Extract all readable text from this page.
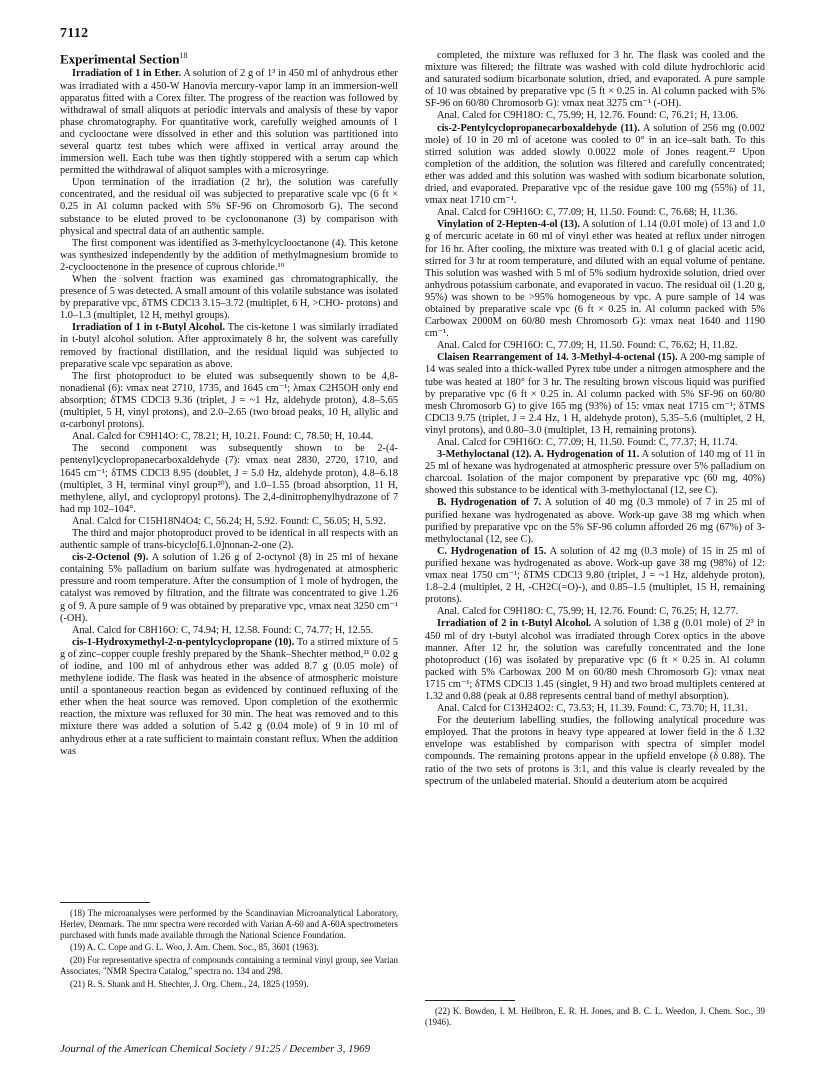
7112
Experimental Section$^{18}$

Irradiation of 1 in Ether. A solution of 2 g of 1³ in 450 ml of anhydrous ether was irradiated with a 450-W Hanovia mercury-vapor lamp in an immersion-well apparatus fitted with a Corex filter. The progress of the reaction was followed by withdrawal of small aliquots at periodic intervals and analysis of these by vapor phase chromatography. For quantitative work, carefully weighed amounts of 1 and cyclooctane were dissolved in ether and this solution was partitioned into several quartz test tubes which were affixed in vertical array around the immersion well. Each tube was then tightly stoppered with a serum cap which permitted the withdrawal of aliquot samples with a microsyringe.

Upon termination of the irradiation (2 hr), the solution was carefully concentrated, and the residual oil was subjected to preparative scale vpc (6 ft × 0.25 in Al column packed with 5% SF-96 on Chromosorb G). The second substance to be eluted proved to be cyclononanone (3) by comparison with physical and spectral data of an authentic sample.

The first component was identified as 3-methylcyclooctanone (4). This ketone was synthesized independently by the addition of methylmagnesium bromide to 2-cyclooctenone in the presence of cuprous chloride.¹⁹

When the solvent fraction was examined gas chromatographically, the presence of 5 was detected. A small amount of this volatile substance was isolated by preparative vpc, δTMS CDCl3 3.15–3.72 (multiplet, 6 H, >CHO- protons) and 1.0–1.3 (multiplet, 12 H, methyl groups).

Irradiation of 1 in t-Butyl Alcohol. The cis-ketone 1 was similarly irradiated in t-butyl alcohol solution. After approximately 8 hr, the solvent was carefully removed by fractional distillation, and the residual liquid was subjected to preparative scale vpc separation as above.

The first photoproduct to be eluted was subsequently shown to be 4,8-nonadienal (6): νmax neat 2710, 1735, and 1645 cm⁻¹; λmax C2H5OH only end absorption; δTMS CDCl3 9.36 (triplet, J = ~1 Hz, aldehyde proton), 4.8–5.65 (multiplet, 5 H, vinyl protons), and 2.0–2.65 (two broad peaks, 10 H, allylic and α-carbonyl protons).

Anal. Calcd for C9H14O: C, 78.21; H, 10.21. Found: C, 78.50; H, 10.44.

The second component was subsequently shown to be 2-(4-pentenyl)cyclopropanecarboxaldehyde (7): νmax neat 2830, 2720, 1710, and 1645 cm⁻¹; δTMS CDCl3 8.95 (doublet, J = 5.0 Hz, aldehyde proton), 4.8–6.18 (multiplet, 3 H, terminal vinyl group²⁰), and 1.0–1.55 (broad absorption, 11 H, methylene, allyl, and cyclopropyl protons). The 2,4-dinitrophenylhydrazone of 7 had mp 102–104°.

Anal. Calcd for C15H18N4O4: C, 56.24; H, 5.92. Found: C, 56.05; H, 5.92.

The third and major photoproduct proved to be identical in all respects with an authentic sample of trans-bicyclo[6.1.0]nonan-2-one (2).

cis-2-Octenol (9). A solution of 1.26 g of 2-octynol (8) in 25 ml of hexane containing 5% palladium on barium sulfate was hydrogenated at atmospheric pressure and room temperature. After the consumption of 1 mole of hydrogen, the catalyst was removed by filtration, and the filtrate was concentrated to give 1.26 g of 9. A pure sample of 9 was obtained by preparative vpc, νmax neat 3250 cm⁻¹ (-OH).

Anal. Calcd for C8H16O: C, 74.94; H, 12.58. Found: C, 74.77; H, 12.55.

cis-1-Hydroxymethyl-2-n-pentylcyclopropane (10). To a stirred mixture of 5 g of zinc–copper couple freshly prepared by the Shank–Shechter method,²¹ 0.02 g of iodine, and 100 ml of anhydrous ether was added 8.7 g (0.05 mole) of methylene iodide. The flask was heated in the absence of atmospheric moisture until a spontaneous reaction began as evidenced by continued refluxing of the ether when the heat source was removed. Upon completion of the exothermic reaction, the mixture was refluxed for 30 min. The heat was removed and to this mixture there was added a solution of 5.42 g (0.04 mole) of 9 in 10 ml of anhydrous ether at a rate sufficient to maintain constant reflux. When the addition was

completed, the mixture was refluxed for 3 hr. The flask was cooled and the mixture was filtered; the filtrate was washed with cold dilute hydrochloric acid and saturated sodium bicarbonate solution, dried, and evaporated. A pure sample of 10 was obtained by preparative vpc (5 ft × 0.25 in. Al column packed with 5% SF-96 on 60/80 Chromosorb G): νmax neat 3275 cm⁻¹ (-OH).

Anal. Calcd for C9H18O: C, 75.99; H, 12.76. Found: C, 76.21; H, 13.06.

cis-2-Pentylcyclopropanecarboxaldehyde (11). A solution of 256 mg (0.002 mole) of 10 in 20 ml of acetone was cooled to 0° in an ice–salt bath. To this stirred solution was added slowly 0.0022 mole of Jones reagent.²² Upon completion of the addition, the solution was filtered and carefully concentrated; ether was added and this solution was washed with sodium bicarbonate solution, dried, and evaporated. Preparative vpc of the residue gave 100 mg (55%) of 11, νmax neat 1710 cm⁻¹.

Anal. Calcd for C9H16O: C, 77.09; H, 11.50. Found: C, 76.68; H, 11.36.

Vinylation of 2-Hepten-4-ol (13). A solution of 1.14 (0.01 mole) of 13 and 1.0 g of mercuric acetate in 60 ml of vinyl ether was heated at reflux under nitrogen for 16 hr. After cooling, the mixture was treated with 0.1 g of glacial acetic acid, stirred for 3 hr at room temperature, and diluted with an equal volume of pentane. This solution was washed with 5 ml of 5% sodium hydroxide solution, dried over anhydrous potassium carbonate, and evaporated in vacuo. The residual oil (1.20 g, 95%) was shown to be >95% homogeneous by vpc. A pure sample of 14 was obtained by preparative scale vpc (6 ft × 0.25 in. Al column packed with 5% Carbowax 2000M on 60/80 mesh Chromosorb G): νmax neat 1640 and 1190 cm⁻¹.

Anal. Calcd for C9H16O: C, 77.09; H, 11.50. Found: C, 76.62; H, 11.82.

Claisen Rearrangement of 14. 3-Methyl-4-octenal (15). A 200-mg sample of 14 was sealed into a thick-walled Pyrex tube under a nitrogen atmosphere and the tube was heated at 180° for 3 hr. The resulting brown viscous liquid was purified by preparative vpc (6 ft × 0.25 in. Al column packed with 5% SF-96 on 60/80 mesh Chromosorb G) to give 165 mg (93%) of 15: νmax neat 1715 cm⁻¹; δTMS CDCl3 9.75 (triplet, J = 2.4 Hz, 1 H, aldehyde proton), 5.35–5.6 (multiplet, 2 H, vinyl protons), and 0.80–3.0 (multiplet, 13 H, remaining protons).

Anal. Calcd for C9H16O: C, 77.09; H, 11.50. Found: C, 77.37; H, 11.74.

3-Methyloctanal (12). A. Hydrogenation of 11. A solution of 140 mg of 11 in 25 ml of hexane was hydrogenated at atmospheric pressure over 5% palladium on charcoal. Isolation of the major component by preparative vpc (60 mg, 40%) showed this substance to be identical with 3-methyloctanal (12, see C).

B. Hydrogenation of 7. A solution of 40 mg (0.3 mmole) of 7 in 25 ml of purified hexane was hydrogenated as above. Work-up gave 38 mg which when purified by preparative vpc on the 5% SF-96 column afforded 26 mg (67%) of 3-methyloctanal (12, see C).

C. Hydrogenation of 15. A solution of 42 mg (0.3 mole) of 15 in 25 ml of purified hexane was hydrogenated as above. Work-up gave 38 mg (98%) of 12: νmax neat 1750 cm⁻¹; δTMS CDCl3 9.80 (triplet, J = ~1 Hz, aldehyde proton), 1.8–2.4 (multiplet, 2 H, -CH2C(=O)-), and 0.85–1.5 (multiplet, 15 H, remaining protons).

Anal. Calcd for C9H18O: C, 75.99; H, 12.76. Found: C, 76.25; H, 12.77.

Irradiation of 2 in t-Butyl Alcohol. A solution of 1.38 g (0.01 mole) of 2³ in 450 ml of dry t-butyl alcohol was irradiated through Corex optics in the above manner. After 12 hr, the solution was carefully concentrated and the lone photoproduct (16) was isolated by preparative vpc (6 ft × 0.25 in. Al column packed with 5% Carbowax 200 M on 60/80 mesh Chromosorb G): νmax neat 1715 cm⁻¹; δTMS CDCl3 1.45 (singlet, 9 H) and two broad multiplets centered at 1.32 and 0.88 (peak at 0.88 represents central band of methyl absorption).

Anal. Calcd for C13H24O2: C, 73.53; H, 11.39. Found: C, 73.70; H, 11.31.

For the deuterium labelling studies, the following analytical procedure was employed. That the protons in heavy type appeared at lower field in the δ 1.32 envelope was established by comparison with spectra of simpler model compounds. The remaining protons appear in the upfield envelope (δ 0.88). The ratio of the two sets of protons is 3:1, and this value is clearly revealed by the spectrum of the unlabeled material. Should a deuterium atom be acquired

(18) The microanalyses were performed by the Scandinavian Microanalytical Laboratory, Herlev, Denmark. The nmr spectra were recorded with Varian A-60 and A-60A spectrometers purchased with funds made available through the National Science Foundation.

(19) A. C. Cope and G. L. Woo, J. Am. Chem. Soc., 85, 3601 (1963).

(20) For representative spectra of compounds containing a terminal vinyl group, see Varian Associates, "NMR Spectra Catalog," spectra no. 134 and 298.

(21) R. S. Shank and H. Shechter, J. Org. Chem., 24, 1825 (1959).

(22) K. Bowden, I. M. Heilbron, E. R. H. Jones, and B. C. L. Weedon, J. Chem. Soc., 39 (1946).

Journal of the American Chemical Society / 91:25 / December 3, 1969
